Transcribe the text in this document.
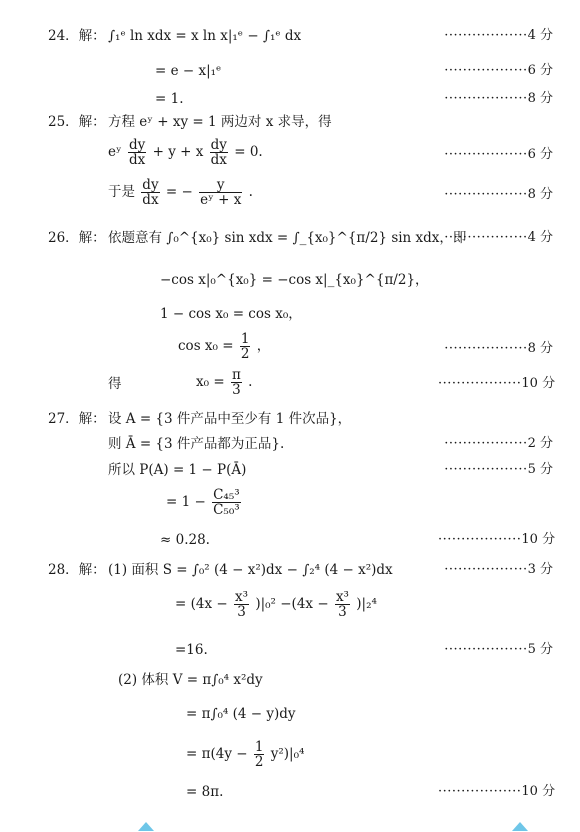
24．解： ∫₁ᵉ ln xdx = x ln x|₁ᵉ − ∫₁ᵉ dx	··················4 分
= e − x|₁ᵉ	··················6 分
= 1.	··················8 分
25．解： 方程 eʸ + xy = 1 两边对 x 求导，得
eʸ $\frac{dy}{dx} + y + x \frac{dy}{dx} = 0$.	··················6 分
于是 $\frac{dy}{dx}$ = − $\frac{y}{\text{eʸ + x}}$ .	··················8 分
26．解： 依题意有 ∫₀^{x₀} sin xdx = ∫_{x₀}^{π/2} sin xdx，即
··················4 分
−cos x|₀^{x₀} = −cos x|_{x₀}^{π/2}，
1 − cos x₀ = cos x₀，
$\cos x_0 = \frac{1}{2}$ ，	··················8 分
得	$x_0 = \frac{\pi}{3}$ .	··················10 分
27．解： 设 A = {3 件产品中至少有 1 件次品}，
则 Ā = {3 件产品都为正品}.	··················2 分
所以 P(A) = 1 − P(Ā)	··················5 分
= $1 - \frac{\text{C₄₅³}}{\text{C₅₀³}}$
≈ 0.28.	··················10 分
28．解： (1) 面积 S = ∫₀² (4 − x²)dx − ∫₂⁴ (4 − x²)dx	··················3 分
= $(4x - \frac{\text{x³}}{3} )|_0^2 -(4x - \frac{\text{x³}}{3} )|_2^4$
=16.	··················5 分
(2) 体积 V = π∫₀⁴ x²dy
= π∫₀⁴ (4 − y)dy
= $\pi(4y - \frac{1}{2} y^2)|_0^4$
= 8π.	··················10 分
